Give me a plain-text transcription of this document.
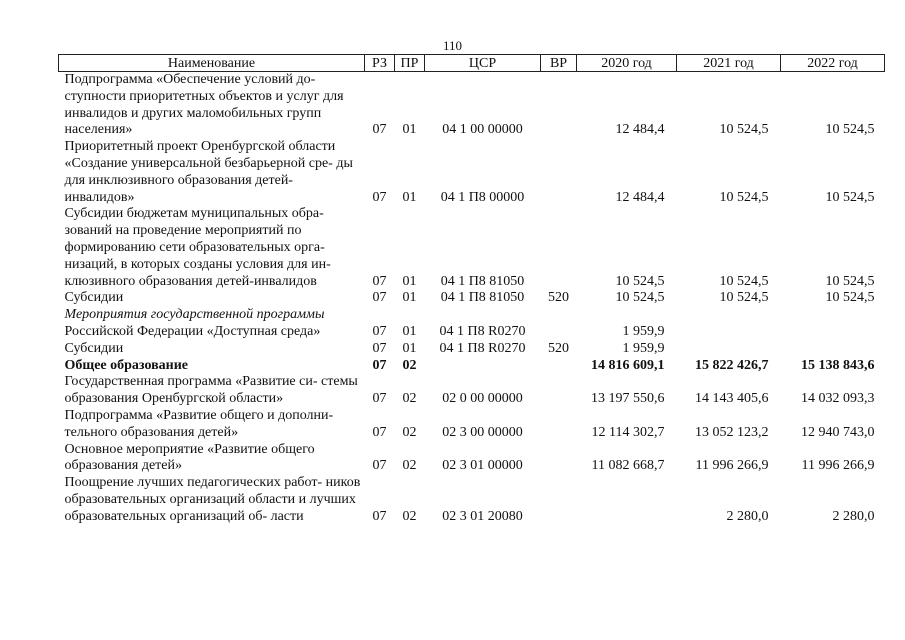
110
Наименование	РЗ	ПР	ЦСР	ВР	2020 год	2021 год	2022 год
Подпрограмма «Обеспечение условий до- ступности приоритетных объектов и услуг для инвалидов и других маломобильных групп населения»	07	01	04 1 00 00000		12 484,4	10 524,5	10 524,5
Приоритетный проект Оренбургской области «Создание универсальной безбарьерной сре- ды для инклюзивного образования детей- инвалидов»	07	01	04 1 П8 00000		12 484,4	10 524,5	10 524,5
Субсидии бюджетам муниципальных обра- зований на проведение мероприятий по формированию сети образовательных орга- низаций, в которых созданы условия для ин- клюзивного образования детей-инвалидов	07	01	04 1 П8 81050		10 524,5	10 524,5	10 524,5
Субсидии	07	01	04 1 П8 81050	520	10 524,5	10 524,5	10 524,5
Мероприятия государственной программы							
Российской Федерации «Доступная среда»	07	01	04 1 П8 R0270		1 959,9		
Субсидии	07	01	04 1 П8 R0270	520	1 959,9		
Общее образование	07	02			14 816 609,1	15 822 426,7	15 138 843,6
Государственная программа «Развитие си- стемы образования Оренбургской области»	07	02	02 0 00 00000		13 197 550,6	14 143 405,6	14 032 093,3
Подпрограмма «Развитие общего и дополни- тельного образования детей»	07	02	02 3 00 00000		12 114 302,7	13 052 123,2	12 940 743,0
Основное мероприятие «Развитие общего образования детей»	07	02	02 3 01 00000		11 082 668,7	11 996 266,9	11 996 266,9
Поощрение лучших педагогических работ- ников образовательных организаций области и лучших образовательных организаций об- ласти	07	02	02 3 01 20080			2 280,0	2 280,0
